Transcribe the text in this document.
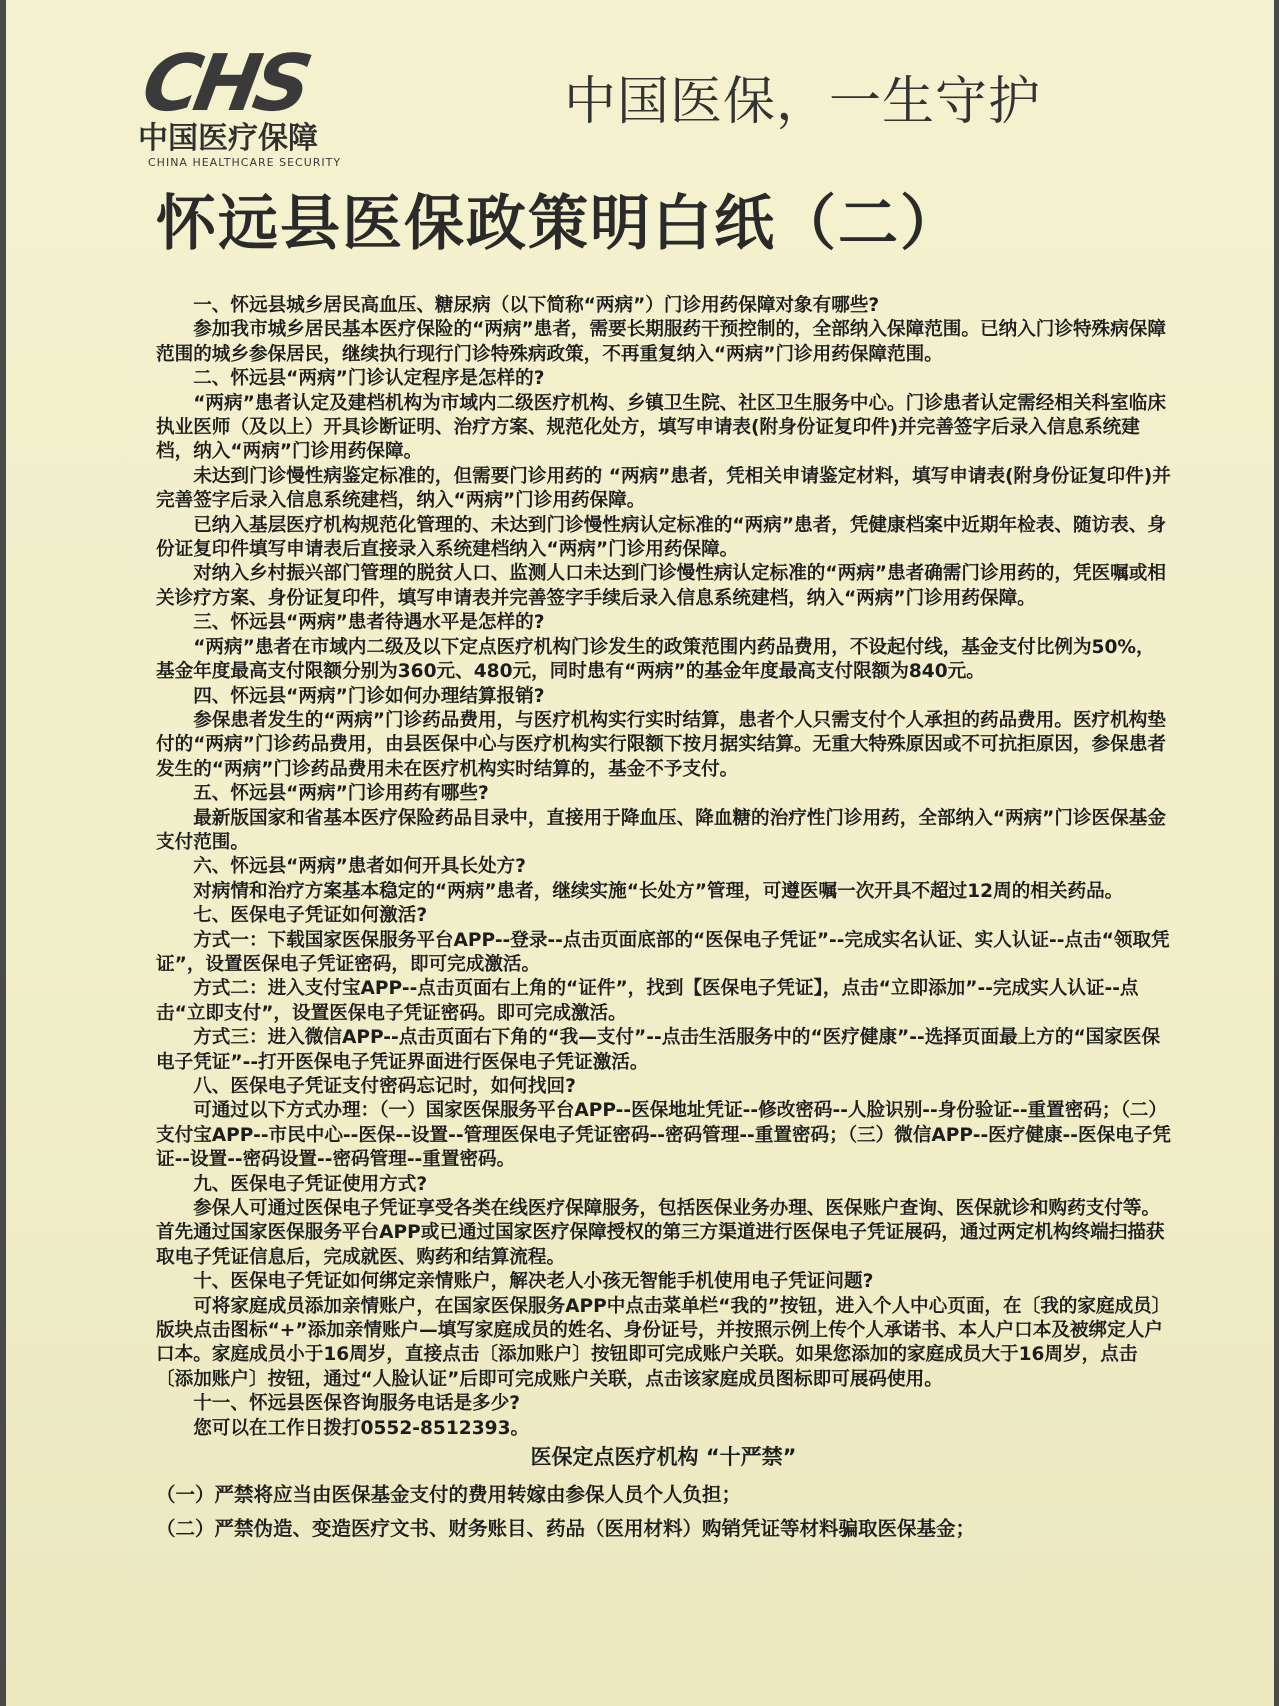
CHS
中国医疗保障
CHINA HEALTHCARE SECURITY
中国医保，一生守护
怀远县医保政策明白纸（二）

一、怀远县城乡居民高血压、糖尿病（以下简称“两病”）门诊用药保障对象有哪些?

参加我市城乡居民基本医疗保险的“两病”患者，需要长期服药干预控制的，全部纳入保障范围。已纳入门诊特殊病保障范围的城乡参保居民，继续执行现行门诊特殊病政策，不再重复纳入“两病”门诊用药保障范围。

二、怀远县“两病”门诊认定程序是怎样的?

“两病”患者认定及建档机构为市域内二级医疗机构、乡镇卫生院、社区卫生服务中心。门诊患者认定需经相关科室临床执业医师（及以上）开具诊断证明、治疗方案、规范化处方，填写申请表(附身份证复印件)并完善签字后录入信息系统建档，纳入“两病”门诊用药保障。

未达到门诊慢性病鉴定标准的，但需要门诊用药的 “两病”患者，凭相关申请鉴定材料，填写申请表(附身份证复印件)并完善签字后录入信息系统建档，纳入“两病”门诊用药保障。

已纳入基层医疗机构规范化管理的、未达到门诊慢性病认定标准的“两病”患者，凭健康档案中近期年检表、随访表、身份证复印件填写申请表后直接录入系统建档纳入“两病”门诊用药保障。

对纳入乡村振兴部门管理的脱贫人口、监测人口未达到门诊慢性病认定标准的“两病”患者确需门诊用药的，凭医嘱或相关诊疗方案、身份证复印件，填写申请表并完善签字手续后录入信息系统建档，纳入“两病”门诊用药保障。

三、怀远县“两病”患者待遇水平是怎样的?

“两病”患者在市域内二级及以下定点医疗机构门诊发生的政策范围内药品费用，不设起付线，基金支付比例为50%，基金年度最高支付限额分别为360元、480元，同时患有“两病”的基金年度最高支付限额为840元。

四、怀远县“两病”门诊如何办理结算报销?

参保患者发生的“两病”门诊药品费用，与医疗机构实行实时结算，患者个人只需支付个人承担的药品费用。医疗机构垫付的“两病”门诊药品费用，由县医保中心与医疗机构实行限额下按月据实结算。无重大特殊原因或不可抗拒原因，参保患者发生的“两病”门诊药品费用未在医疗机构实时结算的，基金不予支付。

五、怀远县“两病”门诊用药有哪些?

最新版国家和省基本医疗保险药品目录中，直接用于降血压、降血糖的治疗性门诊用药，全部纳入“两病”门诊医保基金支付范围。

六、怀远县“两病”患者如何开具长处方?

对病情和治疗方案基本稳定的“两病”患者，继续实施“长处方”管理，可遵医嘱一次开具不超过12周的相关药品。

七、医保电子凭证如何激活?

方式一：下载国家医保服务平台APP--登录--点击页面底部的“医保电子凭证”--完成实名认证、实人认证--点击“领取凭证”，设置医保电子凭证密码，即可完成激活。

方式二：进入支付宝APP--点击页面右上角的“证件”，找到【医保电子凭证】，点击“立即添加”--完成实人认证--点击“立即支付”，设置医保电子凭证密码。即可完成激活。

方式三：进入微信APP--点击页面右下角的“我—支付”--点击生活服务中的“医疗健康”--选择页面最上方的“国家医保电子凭证”--打开医保电子凭证界面进行医保电子凭证激活。

八、医保电子凭证支付密码忘记时，如何找回?

可通过以下方式办理：（一）国家医保服务平台APP--医保地址凭证--修改密码--人脸识别--身份验证--重置密码；（二）支付宝APP--市民中心--医保--设置--管理医保电子凭证密码--密码管理--重置密码；（三）微信APP--医疗健康--医保电子凭证--设置--密码设置--密码管理--重置密码。

九、医保电子凭证使用方式?

参保人可通过医保电子凭证享受各类在线医疗保障服务，包括医保业务办理、医保账户查询、医保就诊和购药支付等。首先通过国家医保服务平台APP或已通过国家医疗保障授权的第三方渠道进行医保电子凭证展码，通过两定机构终端扫描获取电子凭证信息后，完成就医、购药和结算流程。

十、医保电子凭证如何绑定亲情账户，解决老人小孩无智能手机使用电子凭证问题?

可将家庭成员添加亲情账户，在国家医保服务APP中点击菜单栏“我的”按钮，进入个人中心页面，在〔我的家庭成员〕版块点击图标“+”添加亲情账户—填写家庭成员的姓名、身份证号，并按照示例上传个人承诺书、本人户口本及被绑定人户口本。家庭成员小于16周岁，直接点击〔添加账户〕按钮即可完成账户关联。如果您添加的家庭成员大于16周岁，点击〔添加账户〕按钮，通过“人脸认证”后即可完成账户关联，点击该家庭成员图标即可展码使用。

十一、怀远县医保咨询服务电话是多少?

您可以在工作日拨打0552-8512393。

医保定点医疗机构 “十严禁”

（一）严禁将应当由医保基金支付的费用转嫁由参保人员个人负担；

（二）严禁伪造、变造医疗文书、财务账目、药品（医用材料）购销凭证等材料骗取医保基金；
